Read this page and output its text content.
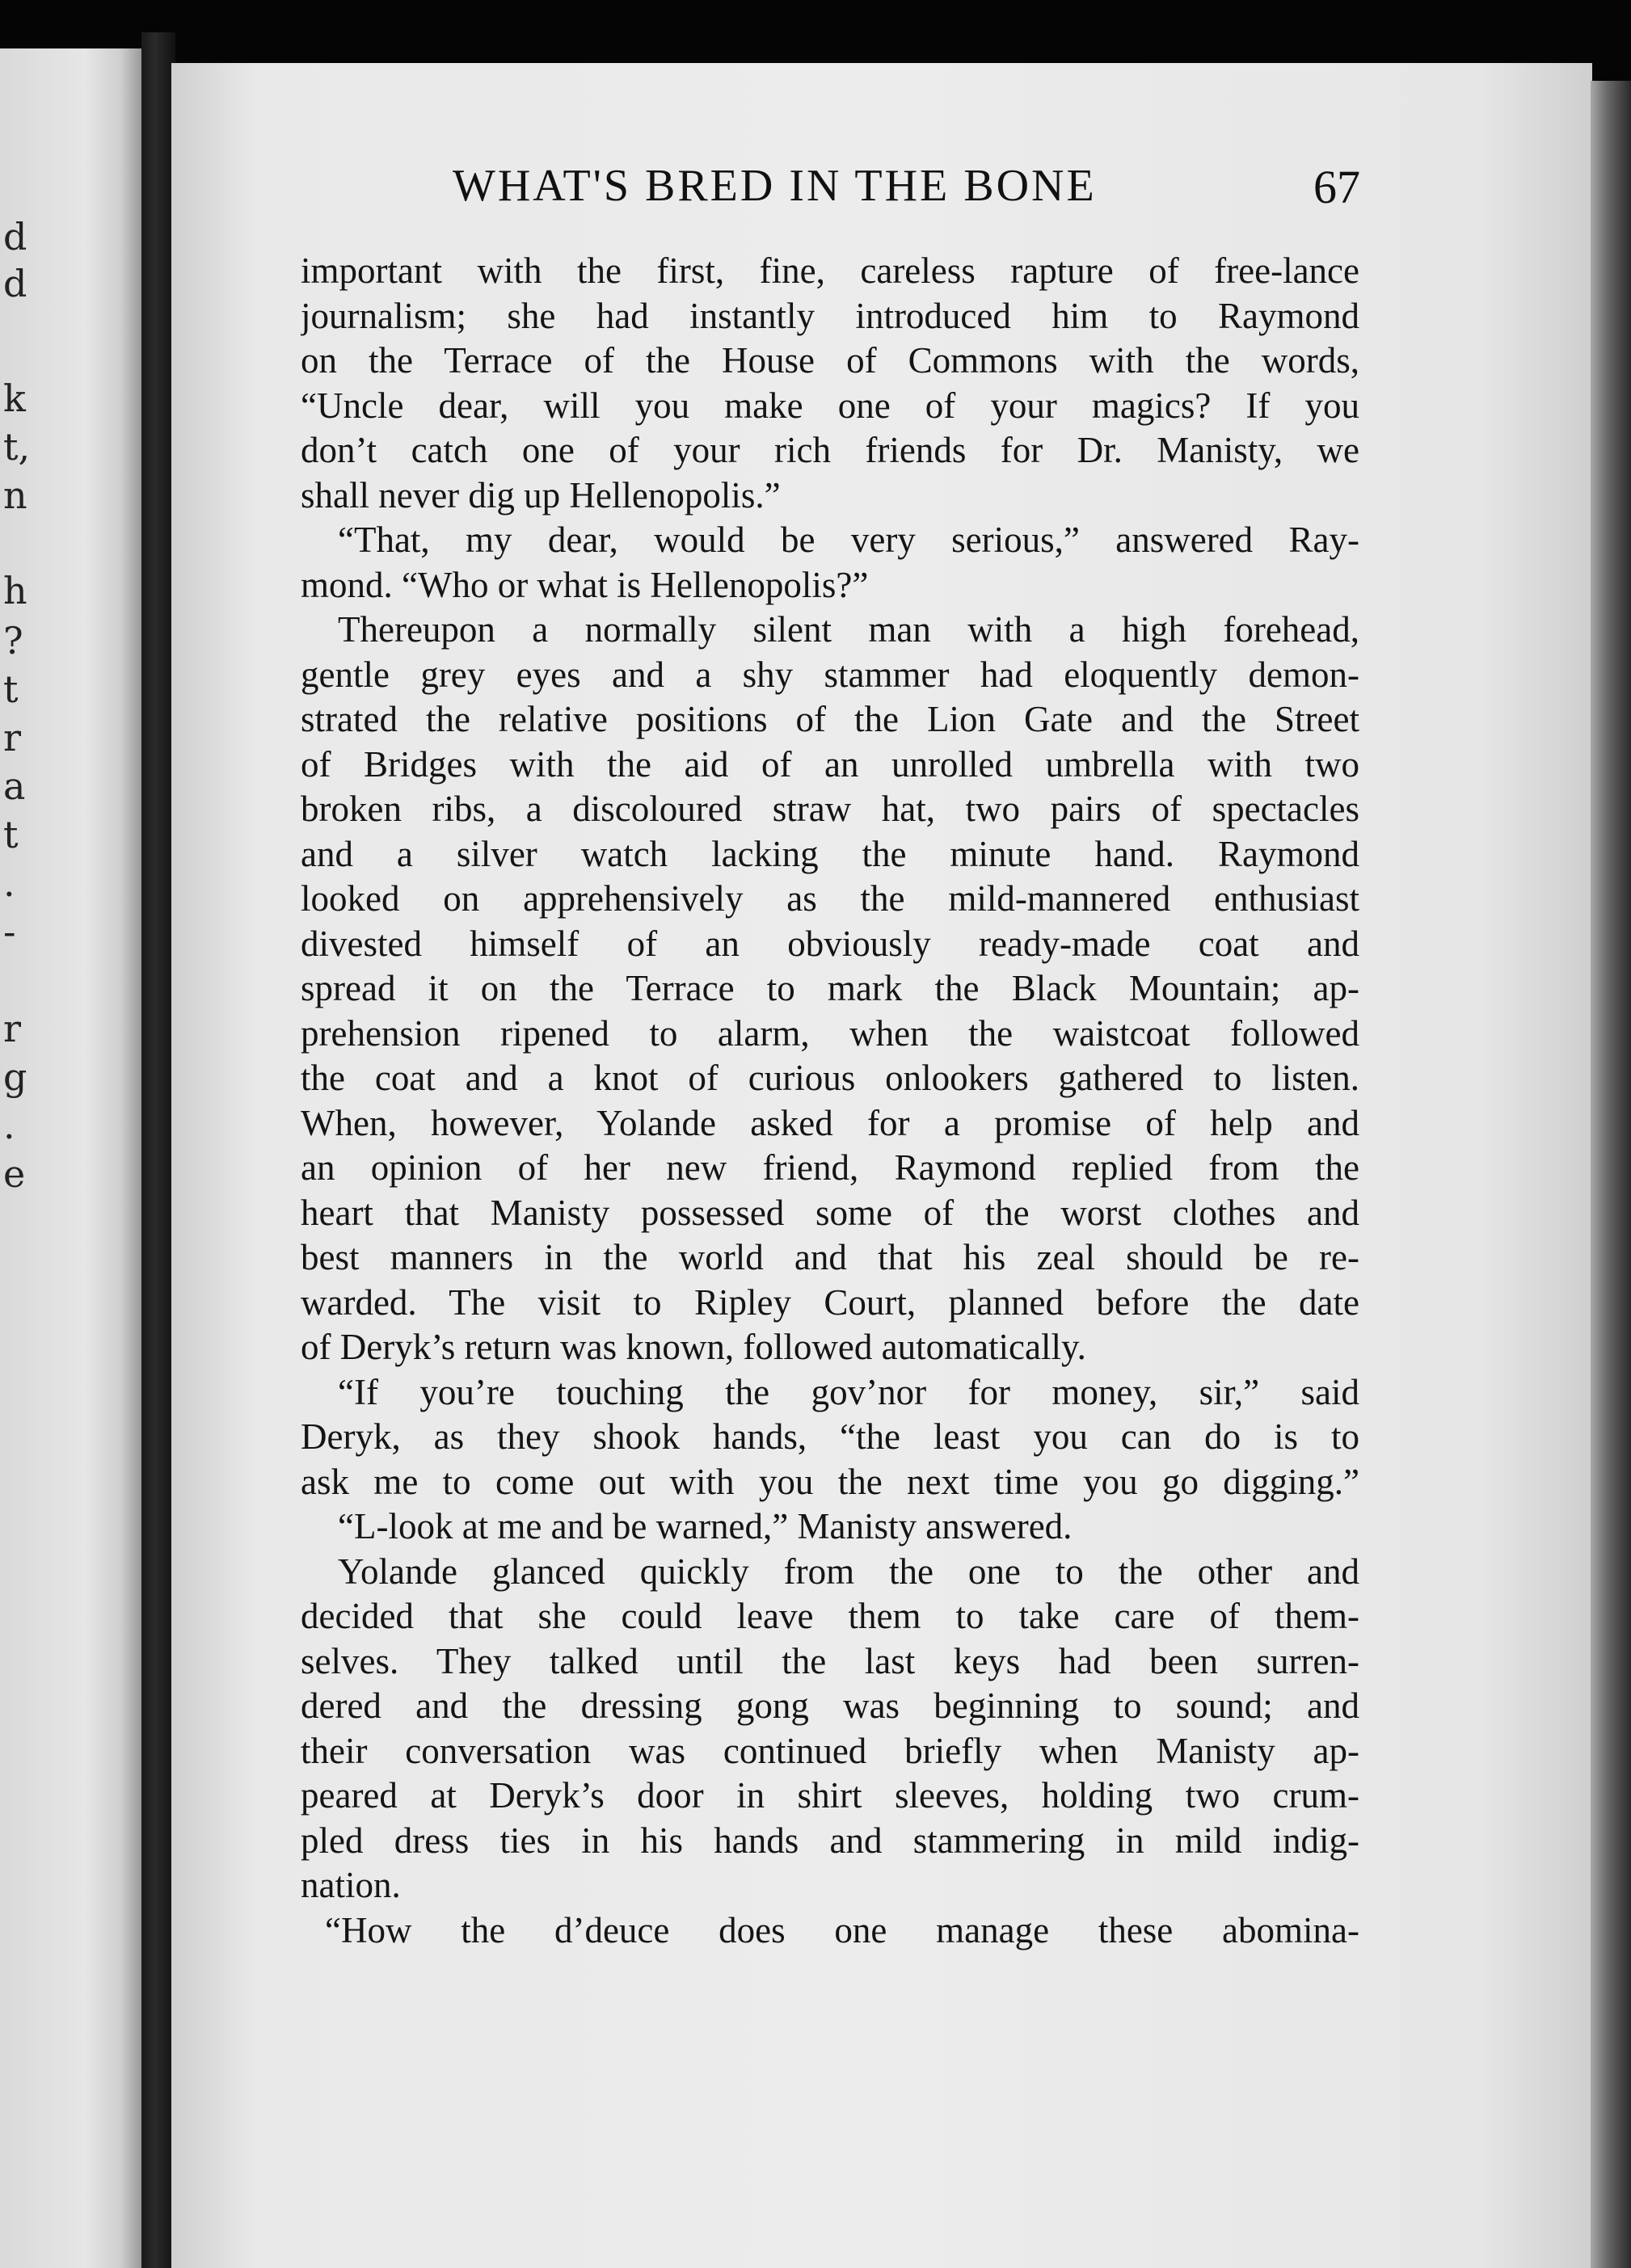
d
d
k
t,
n
h
?
t
r
a
t
.
-
r
g
.
e
WHAT'S BRED IN THE BONE	67
important with the first, fine, careless rapture of free-lance
journalism; she had instantly introduced him to Raymond
on the Terrace of the House of Commons with the words,
“Uncle dear, will you make one of your magics? If you
don’t catch one of your rich friends for Dr. Manisty, we
shall never dig up Hellenopolis.”
“That, my dear, would be very serious,” answered Ray-
mond. “Who or what is Hellenopolis?”
Thereupon a normally silent man with a high forehead,
gentle grey eyes and a shy stammer had eloquently demon-
strated the relative positions of the Lion Gate and the Street
of Bridges with the aid of an unrolled umbrella with two
broken ribs, a discoloured straw hat, two pairs of spectacles
and a silver watch lacking the minute hand. Raymond
looked on apprehensively as the mild-mannered enthusiast
divested himself of an obviously ready-made coat and
spread it on the Terrace to mark the Black Mountain; ap-
prehension ripened to alarm, when the waistcoat followed
the coat and a knot of curious onlookers gathered to listen.
When, however, Yolande asked for a promise of help and
an opinion of her new friend, Raymond replied from the
heart that Manisty possessed some of the worst clothes and
best manners in the world and that his zeal should be re-
warded. The visit to Ripley Court, planned before the date
of Deryk’s return was known, followed automatically.
“If you’re touching the gov’nor for money, sir,” said
Deryk, as they shook hands, “the least you can do is to
ask me to come out with you the next time you go digging.”
“L-look at me and be warned,” Manisty answered.
Yolande glanced quickly from the one to the other and
decided that she could leave them to take care of them-
selves. They talked until the last keys had been surren-
dered and the dressing gong was beginning to sound; and
their conversation was continued briefly when Manisty ap-
peared at Deryk’s door in shirt sleeves, holding two crum-
pled dress ties in his hands and stammering in mild indig-
nation.
“How the d’deuce does one manage these abomina-
